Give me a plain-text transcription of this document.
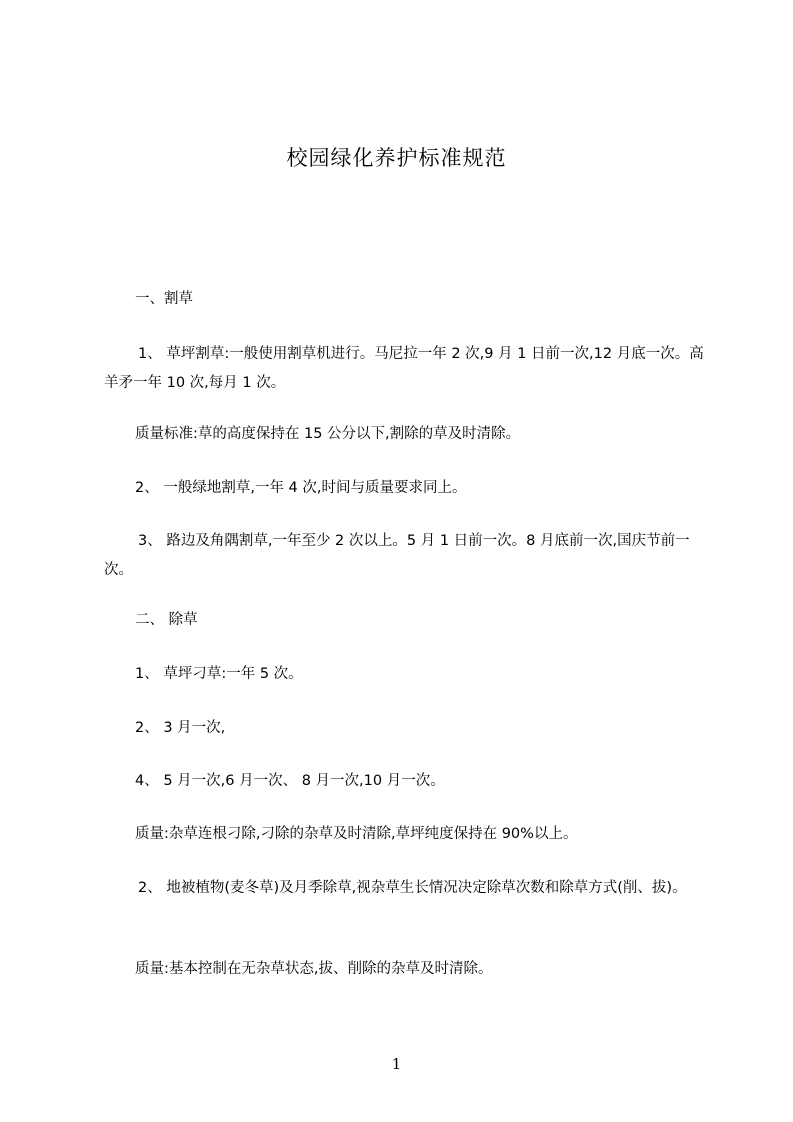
校园绿化养护标准规范
一、割草
1、 草坪割草:一般使用割草机进行。马尼拉一年 2 次,9 月 1 日前一次,12 月底一次。高羊矛一年 10 次,每月 1 次。
质量标准:草的高度保持在 15 公分以下,割除的草及时清除。
2、 一般绿地割草,一年 4 次,时间与质量要求同上。
3、 路边及角隅割草,一年至少 2 次以上。5 月 1 日前一次。8 月底前一次,国庆节前一次。
二、 除草
1、 草坪刁草:一年 5 次。
2、 3 月一次,
4、 5 月一次,6 月一次、 8 月一次,10 月一次。
质量:杂草连根刁除,刁除的杂草及时清除,草坪纯度保持在 90%以上。
2、 地被植物(麦冬草)及月季除草,视杂草生长情况决定除草次数和除草方式(削、拔)。
质量:基本控制在无杂草状态,拔、削除的杂草及时清除。
1
